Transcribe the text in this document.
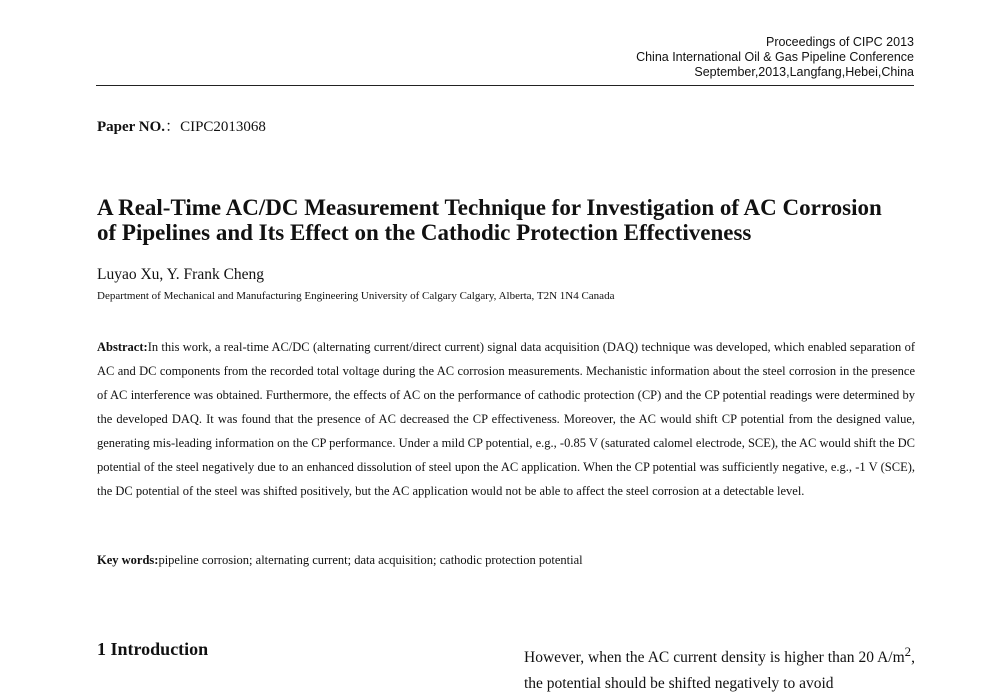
Proceedings of CIPC 2013
China International Oil & Gas Pipeline Conference
September,2013,Langfang,Hebei,China
Paper NO.：CIPC2013068
A Real-Time AC/DC Measurement Technique for Investigation of AC Corrosion
of Pipelines and Its Effect on the Cathodic Protection Effectiveness
Luyao Xu, Y. Frank Cheng
Department of Mechanical and Manufacturing Engineering University of Calgary Calgary, Alberta, T2N 1N4 Canada

Abstract:In this work, a real-time AC/DC (alternating current/direct current) signal data acquisition (DAQ) technique was developed, which enabled separation of AC and DC components from the recorded total voltage during the AC corrosion measurements. Mechanistic information about the steel corrosion in the presence of AC interference was obtained. Furthermore, the effects of AC on the performance of cathodic protection (CP) and the CP potential readings were determined by the developed DAQ. It was found that the presence of AC decreased the CP effectiveness. Moreover, the AC would shift CP potential from the designed value, generating mis-leading information on the CP performance. Under a mild CP potential, e.g., -0.85 V (saturated calomel electrode, SCE), the AC would shift the DC potential of the steel negatively due to an enhanced dissolution of steel upon the AC application. When the CP potential was sufficiently negative, e.g., -1 V (SCE), the DC potential of the steel was shifted positively, but the AC application would not be able to affect the steel corrosion at a detectable level.

Key words:pipeline corrosion; alternating current; data acquisition; cathodic protection potential
1 Introduction	However, when the AC current density is higher than 20 $A/m^2$, the potential should be shifted negatively to avoid
